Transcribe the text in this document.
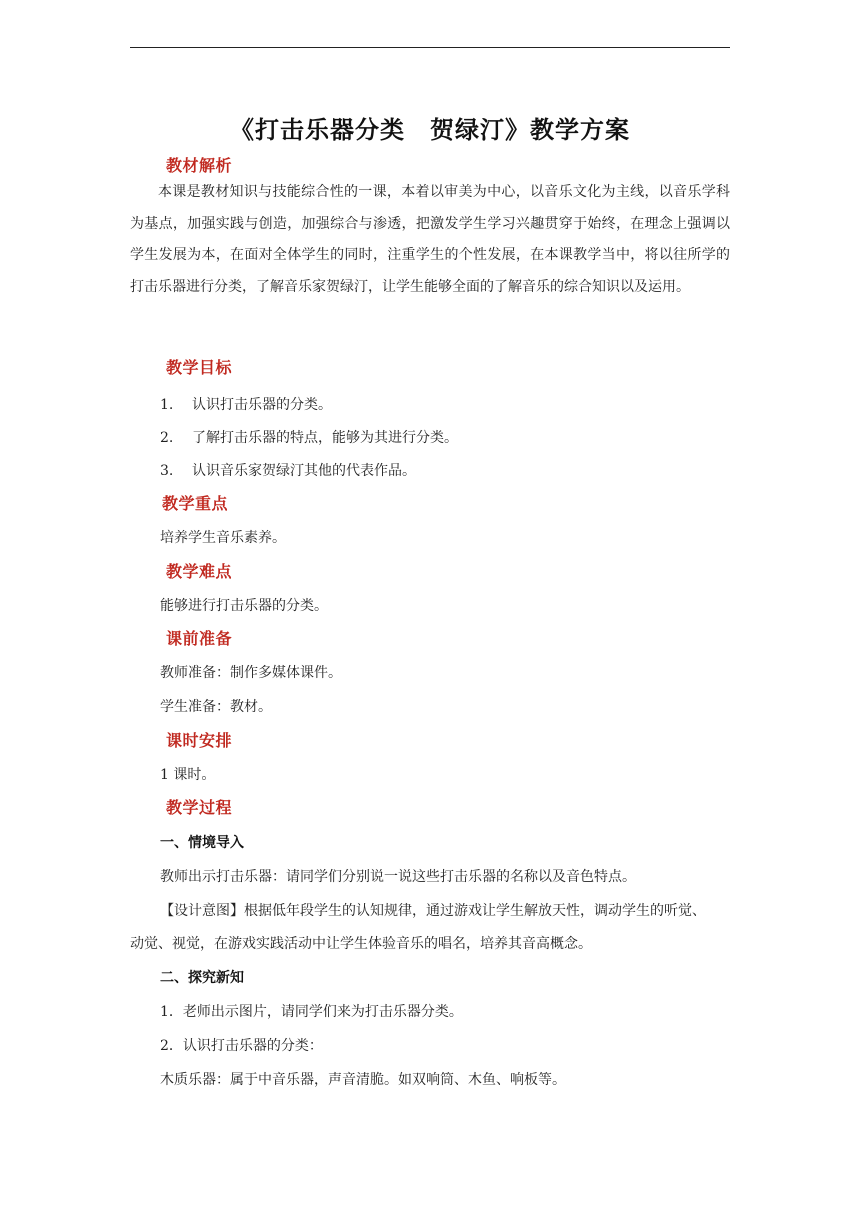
《打击乐器分类　贺绿汀》教学方案
教材解析
本课是教材知识与技能综合性的一课，本着以审美为中心，以音乐文化为主线，以音乐学科为基点，加强实践与创造，加强综合与渗透，把激发学生学习兴趣贯穿于始终，在理念上强调以学生发展为本，在面对全体学生的同时，注重学生的个性发展，在本课教学当中，将以往所学的打击乐器进行分类，了解音乐家贺绿汀，让学生能够全面的了解音乐的综合知识以及运用。
教学目标
1. 认识打击乐器的分类。
2. 了解打击乐器的特点，能够为其进行分类。
3. 认识音乐家贺绿汀其他的代表作品。
教学重点
培养学生音乐素养。
教学难点
能够进行打击乐器的分类。
课前准备
教师准备：制作多媒体课件。
学生准备：教材。
课时安排
1 课时。
教学过程
一、情境导入
教师出示打击乐器：请同学们分别说一说这些打击乐器的名称以及音色特点。
【设计意图】根据低年段学生的认知规律，通过游戏让学生解放天性，调动学生的听觉、
动觉、视觉，在游戏实践活动中让学生体验音乐的唱名，培养其音高概念。
二、探究新知
1．老师出示图片，请同学们来为打击乐器分类。
2．认识打击乐器的分类：
木质乐器：属于中音乐器，声音清脆。如双响筒、木鱼、响板等。
